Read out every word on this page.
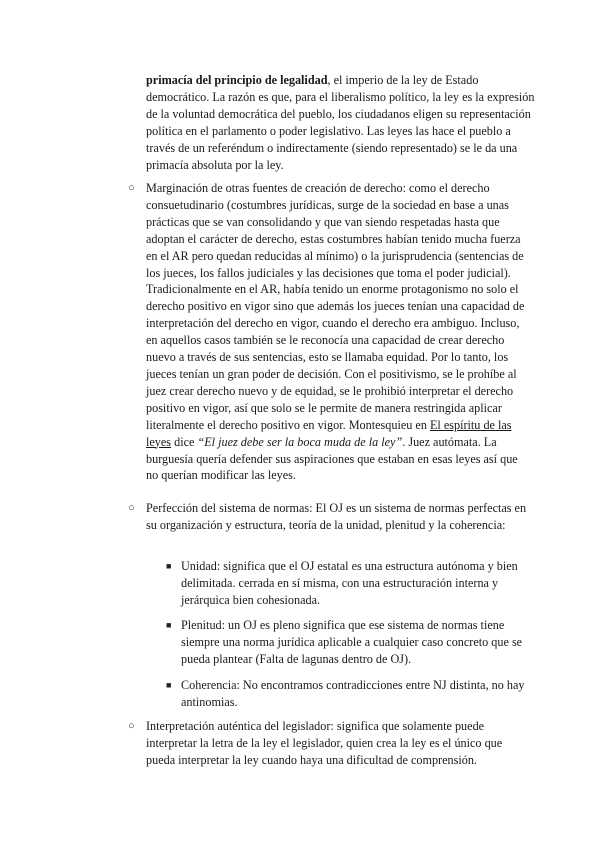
primacía del principio de legalidad, el imperio de la ley de Estado democrático. La razón es que, para el liberalismo político, la ley es la expresión de la voluntad democrática del pueblo, los ciudadanos eligen su representación política en el parlamento o poder legislativo. Las leyes las hace el pueblo a través de un referéndum o indirectamente (siendo representado) se le da una primacía absoluta por la ley.

○ Marginación de otras fuentes de creación de derecho: como el derecho consuetudinario (costumbres jurídicas, surge de la sociedad en base a unas prácticas que se van consolidando y que van siendo respetadas hasta que adoptan el carácter de derecho, estas costumbres habían tenido mucha fuerza en el AR pero quedan reducidas al mínimo) o la jurisprudencia (sentencias de los jueces, los fallos judiciales y las decisiones que toma el poder judicial). Tradicionalmente en el AR, había tenido un enorme protagonismo no solo el derecho positivo en vigor sino que además los jueces tenían una capacidad de interpretación del derecho en vigor, cuando el derecho era ambiguo. Incluso, en aquellos casos también se le reconocía una capacidad de crear derecho nuevo a través de sus sentencias, esto se llamaba equidad. Por lo tanto, los jueces tenían un gran poder de decisión. Con el positivismo, se le prohíbe al juez crear derecho nuevo y de equidad, se le prohibió interpretar el derecho positivo en vigor, así que solo se le permite de manera restringida aplicar literalmente el derecho positivo en vigor. Montesquieu en El espíritu de las leyes dice “El juez debe ser la boca muda de la ley”. Juez autómata. La burguesía quería defender sus aspiraciones que estaban en esas leyes así que no querían modificar las leyes.

○ Perfección del sistema de normas: El OJ es un sistema de normas perfectas en su organización y estructura, teoría de la unidad, plenitud y la coherencia:

■ Unidad: significa que el OJ estatal es una estructura autónoma y bien delimitada. cerrada en sí misma, con una estructuración interna y jerárquica bien cohesionada.

■ Plenitud: un OJ es pleno significa que ese sistema de normas tiene siempre una norma jurídica aplicable a cualquier caso concreto que se pueda plantear (Falta de lagunas dentro de OJ).

■ Coherencia: No encontramos contradicciones entre NJ distinta, no hay antinomias.

○ Interpretación auténtica del legislador: significa que solamente puede interpretar la letra de la ley el legislador, quien crea la ley es el único que pueda interpretar la ley cuando haya una dificultad de comprensión.
